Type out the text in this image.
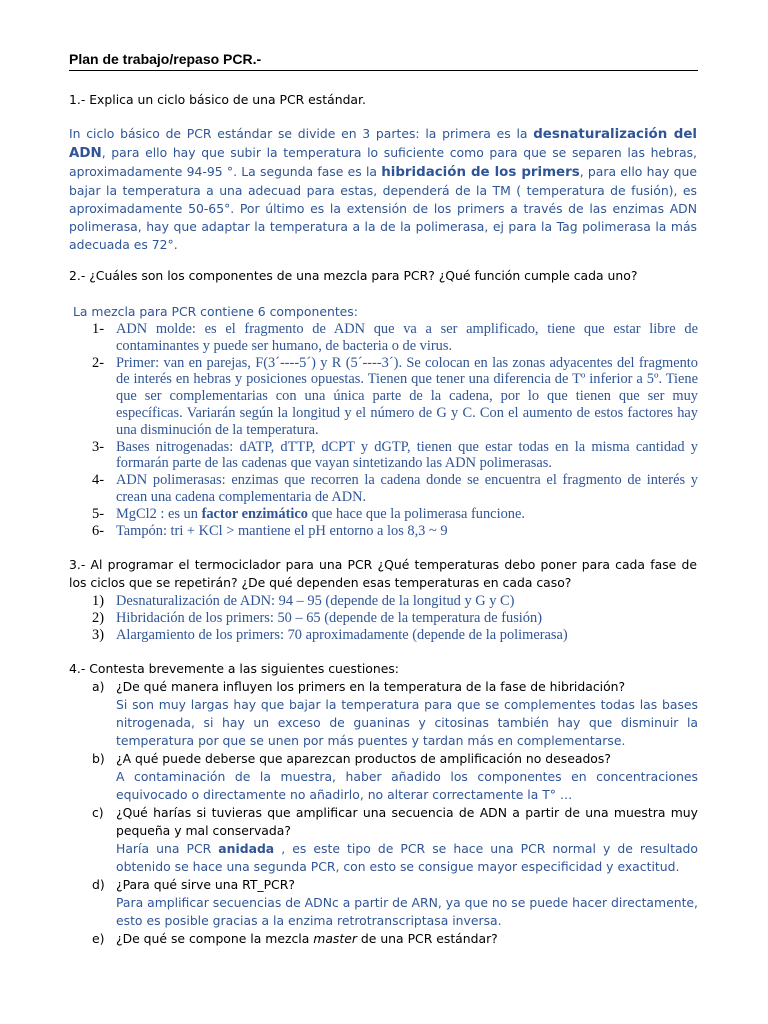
Plan de trabajo/repaso PCR.-
1.- Explica un ciclo básico de una PCR estándar.
In ciclo básico de PCR estándar se divide en 3 partes: la primera es la desnaturalización del ADN, para ello hay que subir la temperatura lo suficiente como para que se separen las hebras, aproximadamente 94-95 °. La segunda fase es la hibridación de los primers, para ello hay que bajar la temperatura a una adecuad para estas, dependerá de la TM ( temperatura de fusión), es aproximadamente 50-65°. Por último es la extensión de los primers a través de las enzimas ADN polimerasa, hay que adaptar la temperatura a la de la polimerasa, ej para la Tag polimerasa la más adecuada es 72°.
2.- ¿Cuáles son los componentes de una mezcla para PCR? ¿Qué función cumple cada uno?
La mezcla para PCR contiene 6 componentes:
1- ADN molde: es el fragmento de ADN que va a ser amplificado, tiene que estar libre de contaminantes y puede ser humano, de bacteria o de virus.
2- Primer: van en parejas, F(3´----5´) y R (5´----3´). Se colocan en las zonas adyacentes del fragmento de interés en hebras y posiciones opuestas. Tienen que tener una diferencia de Tº inferior a 5º. Tiene que ser complementarias con una única parte de la cadena, por lo que tienen que ser muy específicas. Variarán según la longitud y el número de G y C. Con el aumento de estos factores hay una disminución de la temperatura.
3- Bases nitrogenadas: dATP, dTTP, dCPT y dGTP, tienen que estar todas en la misma cantidad y formarán parte de las cadenas que vayan sintetizando las ADN polimerasas.
4- ADN polimerasas: enzimas que recorren la cadena donde se encuentra el fragmento de interés y crean una cadena complementaria de ADN.
5- MgCl2 : es un factor enzimático que hace que la polimerasa funcione.
6- Tampón: tri + KCl > mantiene el pH entorno a los 8,3 ~ 9
3.- Al programar el termociclador para una PCR ¿Qué temperaturas debo poner para cada fase de los ciclos que se repetirán? ¿De qué dependen esas temperaturas en cada caso?
1) Desnaturalización de ADN: 94 – 95 (depende de la longitud y G y C)
2) Hibridación de los primers: 50 – 65 (depende de la temperatura de fusión)
3) Alargamiento de los primers: 70 aproximadamente (depende de la polimerasa)
4.- Contesta brevemente a las siguientes cuestiones:
a) ¿De qué manera influyen los primers en la temperatura de la fase de hibridación?
Si son muy largas hay que bajar la temperatura para que se complementes todas las bases nitrogenada, si hay un exceso de guaninas y citosinas también hay que disminuir la temperatura por que se unen por más puentes y tardan más en complementarse.
b) ¿A qué puede deberse que aparezcan productos de amplificación no deseados?
A contaminación de la muestra, haber añadido los componentes en concentraciones equivocado o directamente no añadirlo, no alterar correctamente la T° …
c) ¿Qué harías si tuvieras que amplificar una secuencia de ADN a partir de una muestra muy pequeña y mal conservada?
Haría una PCR anidada , es este tipo de PCR se hace una PCR normal y de resultado obtenido se hace una segunda PCR, con esto se consigue mayor especificidad y exactitud.
d) ¿Para qué sirve una RT_PCR?
Para amplificar secuencias de ADNc a partir de ARN, ya que no se puede hacer directamente, esto es posible gracias a la enzima retrotranscriptasa inversa.
e) ¿De qué se compone la mezcla master de una PCR estándar?
